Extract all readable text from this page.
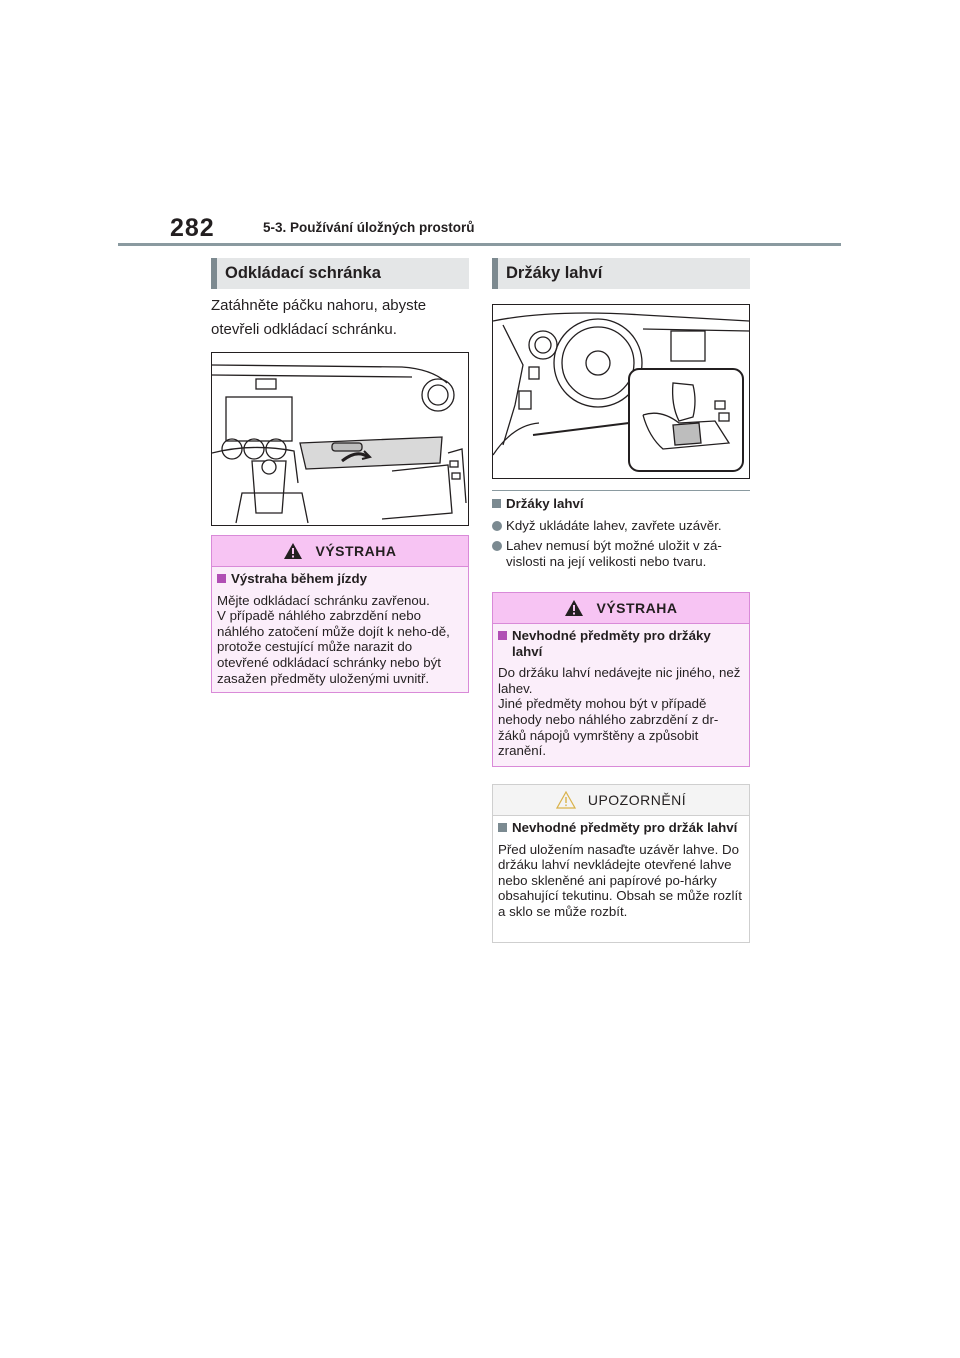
282	5-3. Používání úložných prostorů
Odkládací schránka
Zatáhněte páčku nahoru, abyste otevřeli odkládací schránku.
VÝSTRAHA
Výstraha během jízdy

Mějte odkládací schránku zavřenou.
V případě náhlého zabrzdění nebo náhlého zatočení může dojít k neho-dě, protože cestující může narazit do otevřené odkládací schránky nebo být zasažen předměty uloženými uvnitř.

Držáky lahví
Držáky lahví
Když ukládáte lahev, zavřete uzávěr.
Lahev nemusí být možné uložit v zá-vislosti na její velikosti nebo tvaru.
VÝSTRAHA
Nevhodné předměty pro držáky lahví

Do držáku lahví nedávejte nic jiného, než lahev.
Jiné předměty mohou být v případě nehody nebo náhlého zabrzdění z dr-žáků nápojů vymrštěny a způsobit zranění.

UPOZORNĚNÍ
Nevhodné předměty pro držák lahví

Před uložením nasaďte uzávěr lahve. Do držáku lahví nevkládejte otevřené lahve nebo skleněné ani papírové po-hárky obsahující tekutinu. Obsah se může rozlít a sklo se může rozbít.
